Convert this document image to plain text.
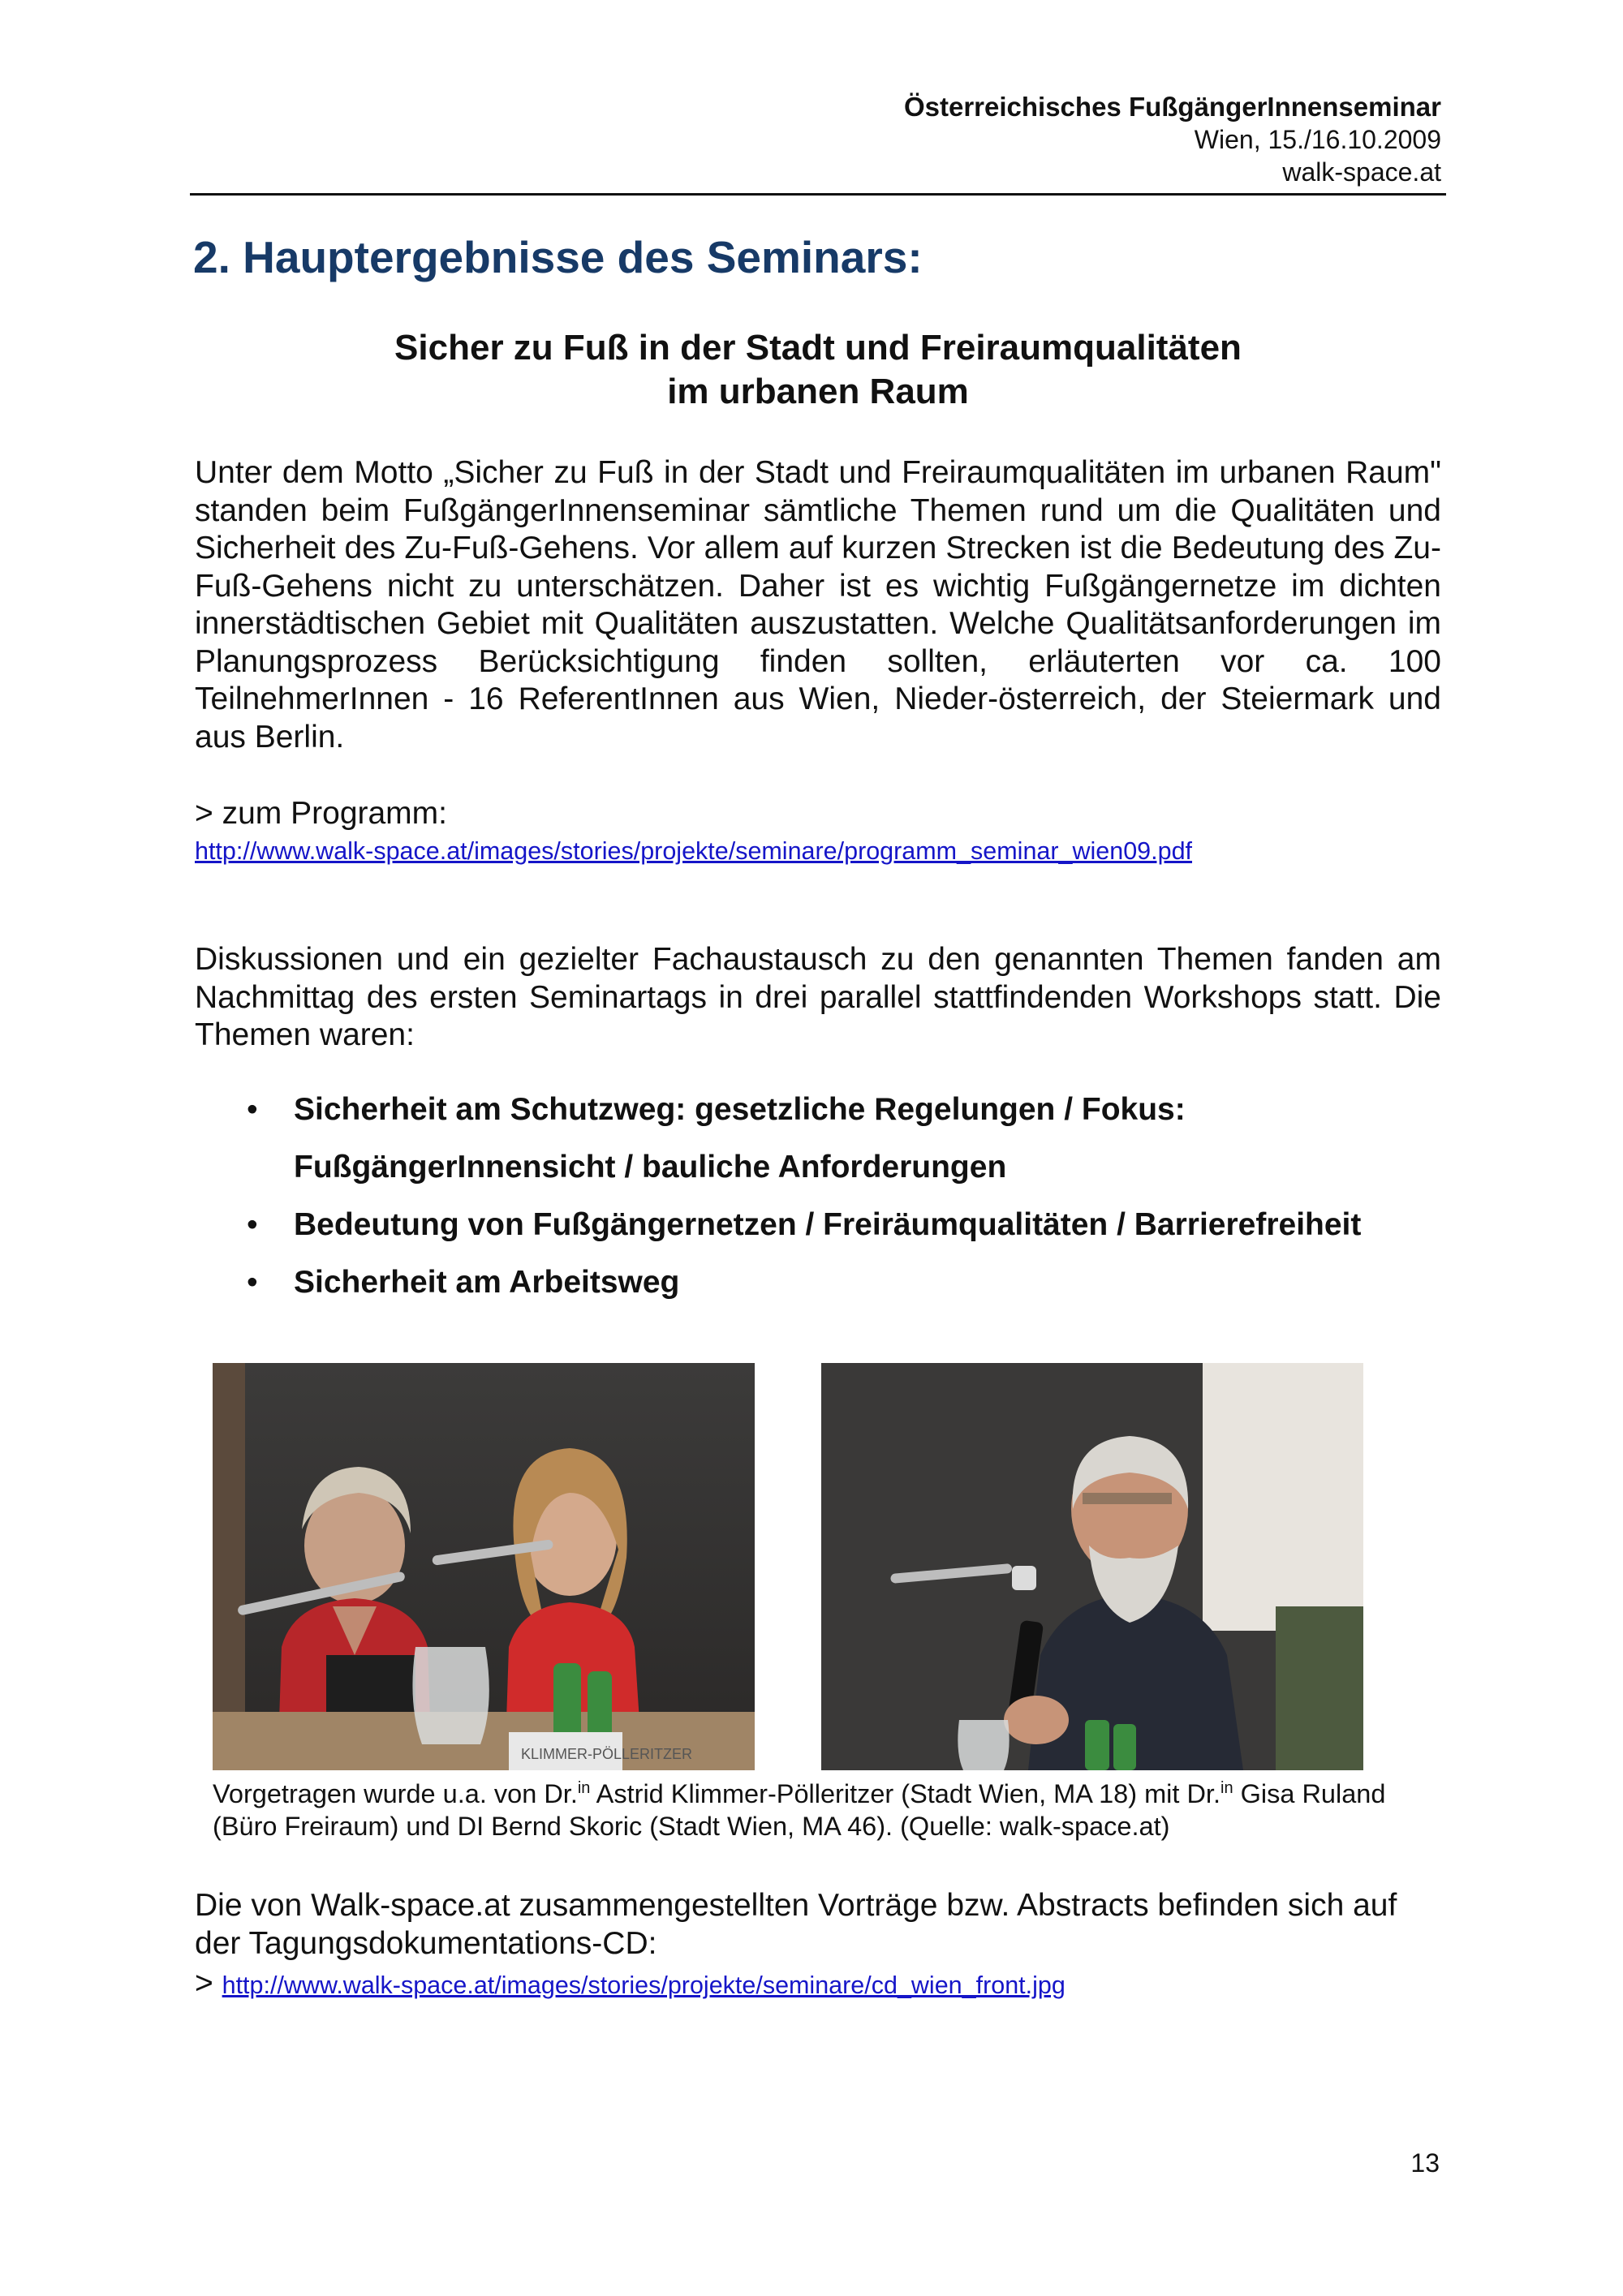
Österreichisches FußgängerInnenseminar
Wien, 15./16.10.2009
walk-space.at
2. Hauptergebnisse des Seminars:
Sicher zu Fuß in der Stadt und Freiraumqualitäten
im urbanen Raum
Unter dem Motto „Sicher zu Fuß in der Stadt und Freiraumqualitäten im urbanen Raum" standen beim FußgängerInnenseminar sämtliche Themen rund um die Qualitäten und Sicherheit des Zu-Fuß-Gehens. Vor allem auf kurzen Strecken ist die Bedeutung des Zu-Fuß-Gehens nicht zu unterschätzen. Daher ist es wichtig Fußgängernetze im dichten innerstädtischen Gebiet mit Qualitäten auszustatten. Welche Qualitätsanforderungen im Planungsprozess Berücksichtigung finden sollten, erläuterten vor ca. 100 TeilnehmerInnen - 16 ReferentInnen aus Wien, Nieder-österreich, der Steiermark und aus Berlin.
> zum Programm:
http://www.walk-space.at/images/stories/projekte/seminare/programm_seminar_wien09.pdf
Diskussionen und ein gezielter Fachaustausch zu den genannten Themen fanden am Nachmittag des ersten Seminartags in drei parallel stattfindenden Workshops statt. Die Themen waren:
• Sicherheit am Schutzweg: gesetzliche Regelungen / Fokus: FußgängerInnensicht / bauliche Anforderungen
• Bedeutung von Fußgängernetzen / Freiräumqualitäten / Barrierefreiheit
• Sicherheit am Arbeitsweg
KLIMMER-PÖLLERITZER
Vorgetragen wurde u.a. von Dr.$^{in}$ Astrid Klimmer-Pölleritzer (Stadt Wien, MA 18) mit Dr.$^{in}$ Gisa Ruland (Büro Freiraum) und DI Bernd Skoric (Stadt Wien, MA 46). (Quelle: walk-space.at)
Die von Walk-space.at zusammengestellten Vorträge bzw. Abstracts befinden sich auf der Tagungsdokumentations-CD:
> http://www.walk-space.at/images/stories/projekte/seminare/cd_wien_front.jpg
13
